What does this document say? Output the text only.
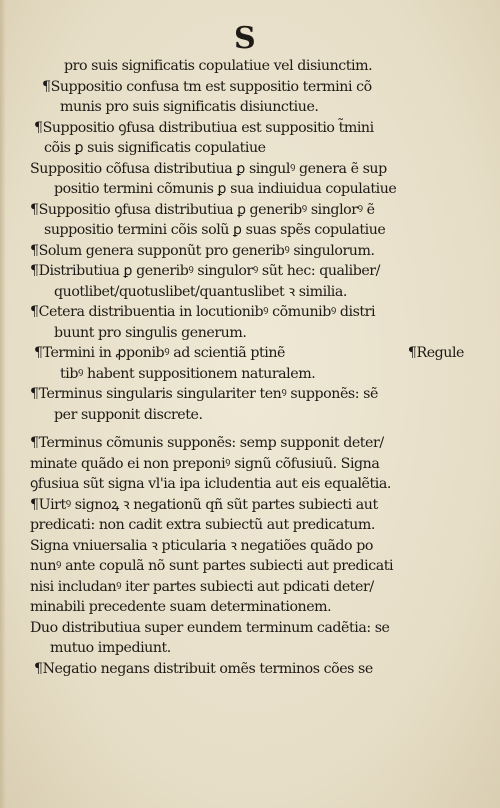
S
pro suis significatis copulatiue vel disiunctim.
¶Suppositio confusa tm est suppositio termini cõ
munis pro suis significatis disiunctiue.
¶Suppositio ꝯfusa distributiua est suppositio t̃mini
cõis ꝑ suis significatis copulatiue
Suppositio cõfusa distributiua ꝑ singulꝰ genera ẽ sup
positio termini cõmunis ꝑ sua indiuidua copulatiue
¶Suppositio ꝯfusa distributiua ꝑ generibꝰ singlorꝰ ẽ
suppositio termini cõis solũ ꝑ suas spẽs copulatiue
¶Solum genera supponũt pro generibꝰ singulorum.
¶Distributiua ꝑ generibꝰ singulorꝰ sũt hec: qualiber/
quotlibet/quotuslibet/quantuslibet ꝛ similia.
¶Cetera distribuentia in locutionibꝰ cõmunibꝰ distri
buunt pro singulis generum.
¶Termini in ꝓponibꝰ ad scientiã ptinẽ	¶Regule
tibꝰ habent suppositionem naturalem.
¶Terminus singularis singulariter tenꝰ supponẽs: sẽ
per supponit discrete.
¶Terminus cõmunis supponẽs: semp supponit deter/
minate quãdo ei non preponiꝰ signũ cõfusiuũ. Signa
ꝯfusiua sũt signa vl'ia ipa icludentia aut eis equalẽtia.
¶Uirtꝰ signoꝝ ꝛ negationũ qñ sũt partes subiecti aut
predicati: non cadit extra subiectũ aut predicatum.
Signa vniuersalia ꝛ pticularia ꝛ negatiões quãdo po
nunꝰ ante copulã nõ sunt partes subiecti aut predicati
nisi includanꝰ iter partes subiecti aut pdicati deter/
minabili precedente suam determinationem.
Duo distributiua super eundem terminum cadẽtia: se
mutuo impediunt.
¶Negatio negans distribuit omẽs terminos cões se
